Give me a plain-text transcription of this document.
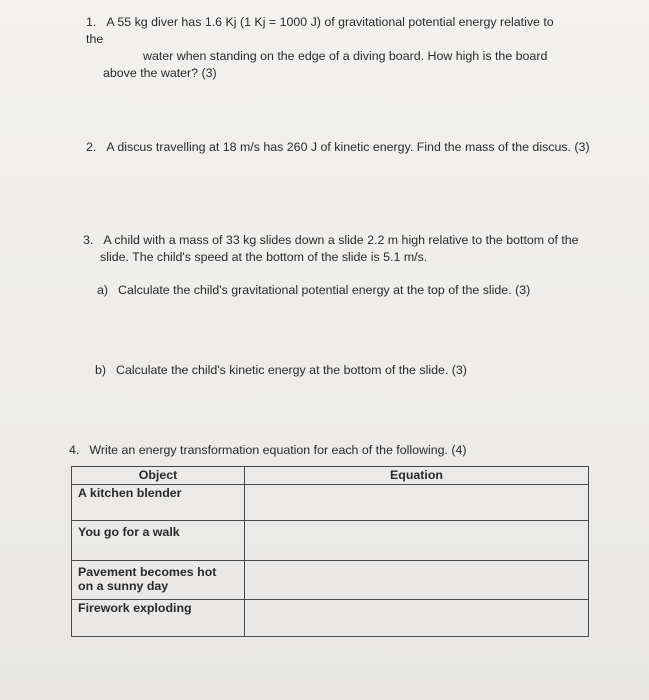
1. A 55 kg diver has 1.6 Kj (1 Kj = 1000 J) of gravitational potential energy relative to the
water when standing on the edge of a diving board. How high is the board
above the water? (3)
2. A discus travelling at 18 m/s has 260 J of kinetic energy. Find the mass of the discus. (3)
3. A child with a mass of 33 kg slides down a slide 2.2 m high relative to the bottom of the
slide. The child's speed at the bottom of the slide is 5.1 m/s.
a) Calculate the child's gravitational potential energy at the top of the slide. (3)
b) Calculate the child's kinetic energy at the bottom of the slide. (3)
4. Write an energy transformation equation for each of the following. (4)
Object	Equation

A kitchen blender	

You go for a walk	

Pavement becomes hot
on a sunny day	

Firework exploding	
